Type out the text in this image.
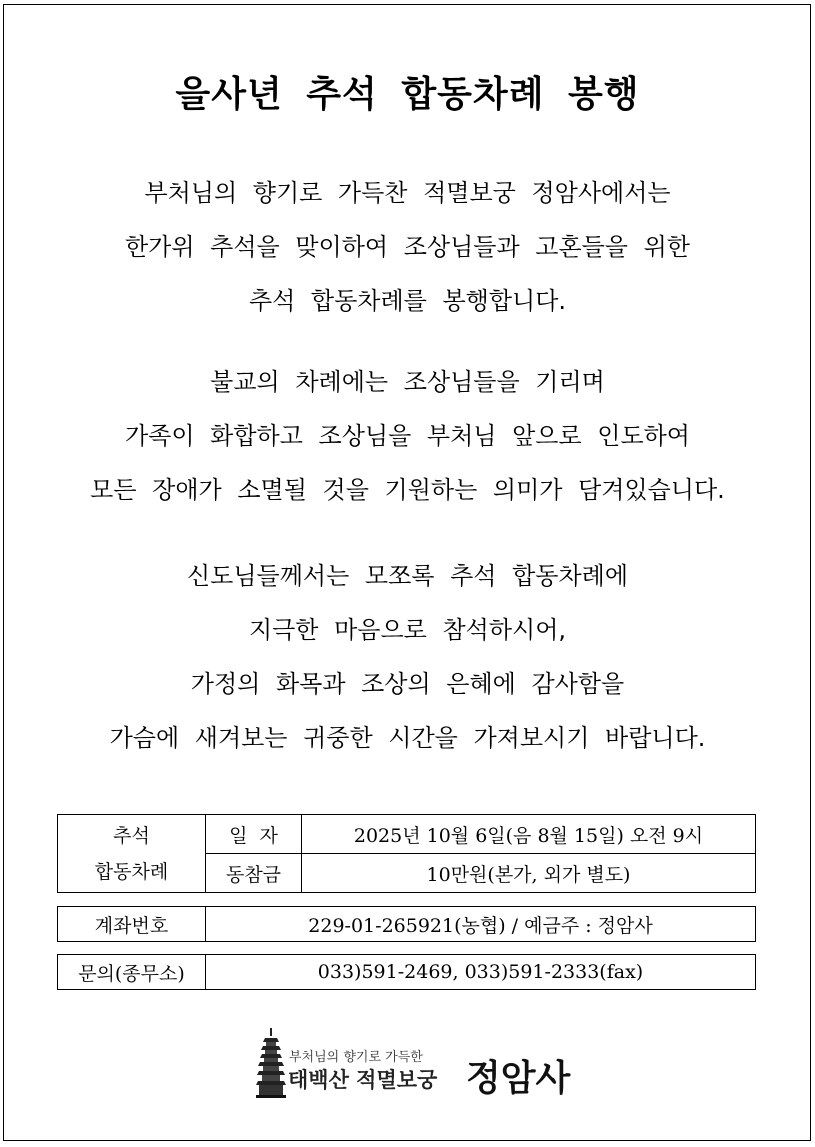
을사년 추석 합동차례 봉행

부처님의 향기로 가득찬 적멸보궁 정암사에서는

한가위 추석을 맞이하여 조상님들과 고혼들을 위한

추석 합동차례를 봉행합니다.

불교의 차례에는 조상님들을 기리며

가족이 화합하고 조상님을 부처님 앞으로 인도하여

모든 장애가 소멸될 것을 기원하는 의미가 담겨있습니다.

신도님들께서는 모쪼록 추석 합동차례에

지극한 마음으로 참석하시어,

가정의 화목과 조상의 은혜에 감사함을

가슴에 새겨보는 귀중한 시간을 가져보시기 바랍니다.

추석
합동차례	일  자	2025년 10월 6일(음 8월 15일) 오전 9시
	동참금	10만원(본가, 외가 별도)
계좌번호	229-01-265921(농협) / 예금주 : 정암사
문의(종무소)	033)591-2469, 033)591-2333(fax)
부처님의 향기로 가득한
태백산 적멸보궁 정암사
